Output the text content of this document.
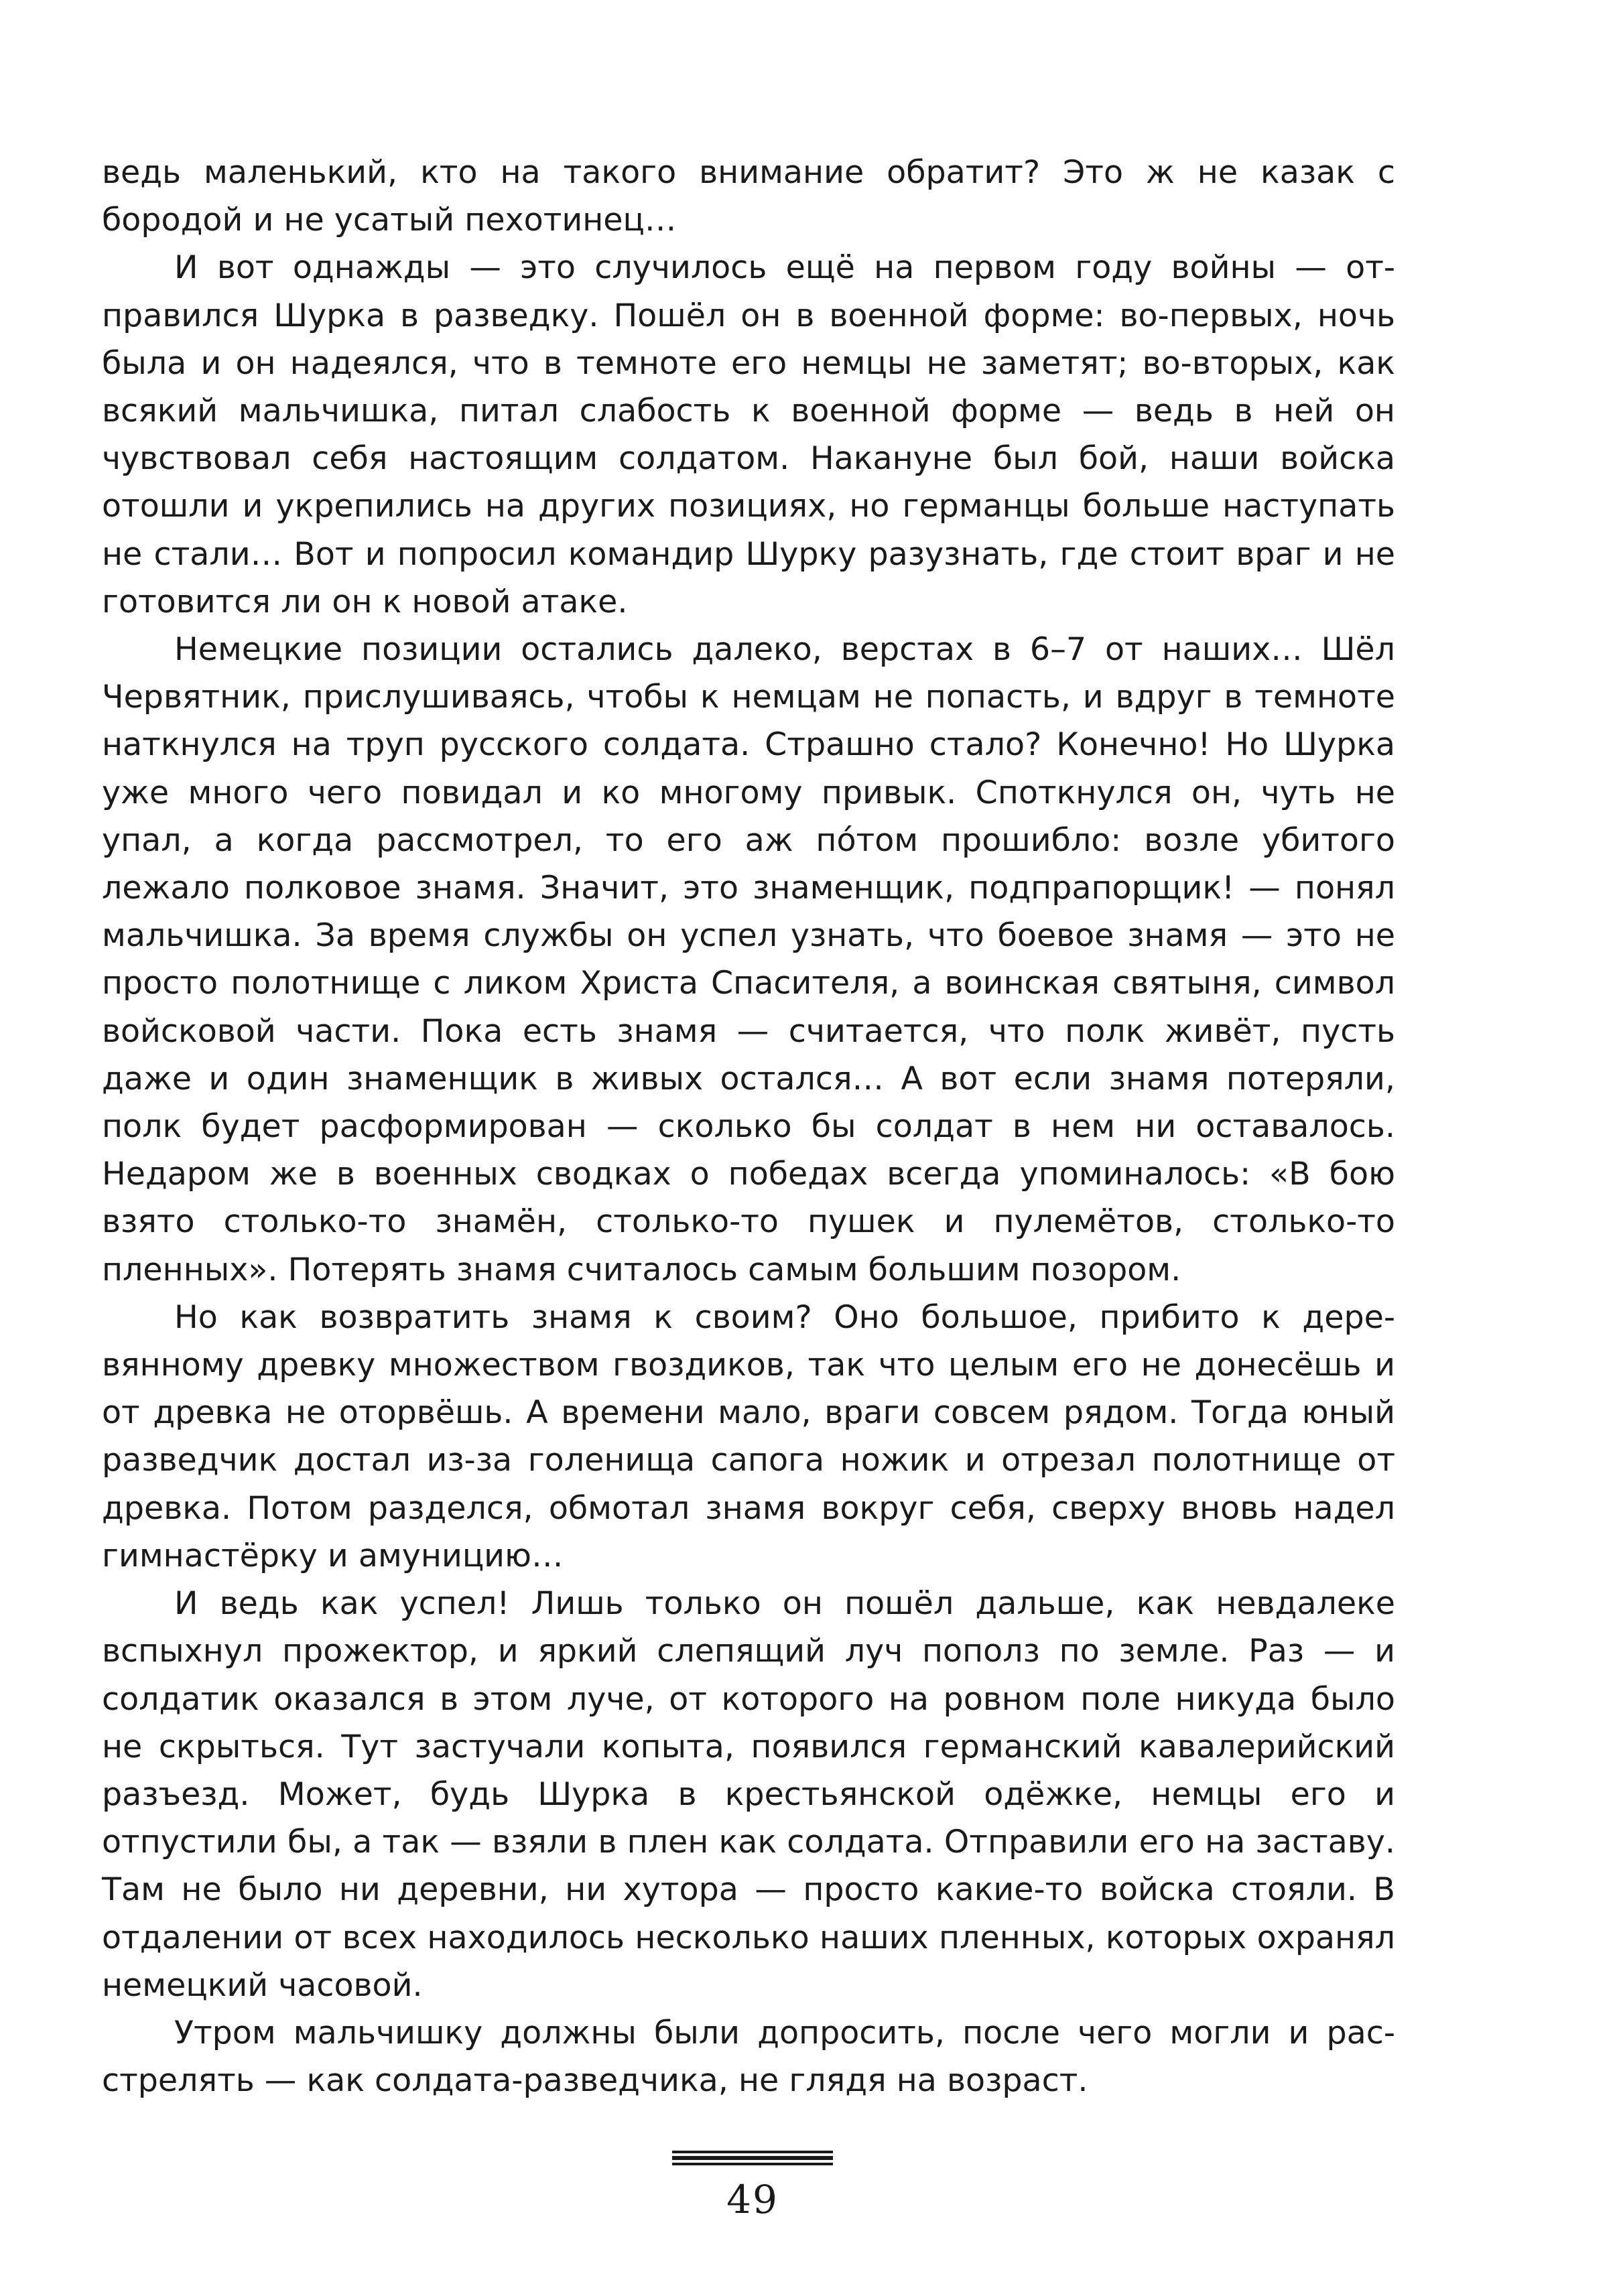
ведь маленький, кто на такого внимание обратит? Это ж не казак с бородой и не усатый пехотинец…

И вот однажды — это случилось ещё на первом году войны — отправился Шурка в разведку. Пошёл он в военной форме: во-первых, ночь была и он надеялся, что в темноте его немцы не заметят; во-вторых, как всякий мальчишка, питал слабость к военной форме — ведь в ней он чувствовал себя настоящим солдатом. Накануне был бой, наши войска отошли и укрепились на других позициях, но германцы больше наступать не стали… Вот и попросил командир Шурку разузнать, где стоит враг и не готовится ли он к новой атаке.

Немецкие позиции остались далеко, верстах в 6–7 от наших… Шёл Червятник, прислушиваясь, чтобы к немцам не попасть, и вдруг в темноте наткнулся на труп русского солдата. Страшно стало? Конечно! Но Шурка уже много чего повидал и ко многому привык. Споткнулся он, чуть не упал, а когда рассмотрел, то его аж пóтом прошибло: возле убитого лежало полковое знамя. Значит, это знаменщик, подпрапорщик! — понял мальчишка. За время службы он успел узнать, что боевое знамя — это не просто полотнище с ликом Христа Спасителя, а воинская святыня, символ войсковой части. Пока есть знамя — считается, что полк живёт, пусть даже и один знаменщик в живых остался… А вот если знамя потеряли, полк будет расформирован — сколько бы солдат в нем ни оставалось. Недаром же в военных сводках о победах всегда упоминалось: «В бою взято столько-то знамён, столько-то пушек и пулемётов, столько-то пленных». Потерять знамя считалось самым большим позором.

Но как возвратить знамя к своим? Оно большое, прибито к деревянному древку множеством гвоздиков, так что целым его не донесёшь и от древка не оторвёшь. А времени мало, враги совсем рядом. Тогда юный разведчик достал из-за голенища сапога ножик и отрезал полотнище от древка. Потом разделся, обмотал знамя вокруг себя, сверху вновь надел гимнастёрку и амуницию…

И ведь как успел! Лишь только он пошёл дальше, как невдалеке вспыхнул прожектор, и яркий слепящий луч пополз по земле. Раз — и солдатик оказался в этом луче, от которого на ровном поле никуда было не скрыться. Тут застучали копыта, появился германский кавалерийский разъезд. Может, будь Шурка в крестьянской одёжке, немцы его и отпустили бы, а так — взяли в плен как солдата. Отправили его на заставу. Там не было ни деревни, ни хутора — просто какие-то войска стояли. В отдалении от всех находилось несколько наших пленных, которых охранял немецкий часовой.

Утром мальчишку должны были допросить, после чего могли и расстрелять — как солдата-разведчика, не глядя на возраст.

49
